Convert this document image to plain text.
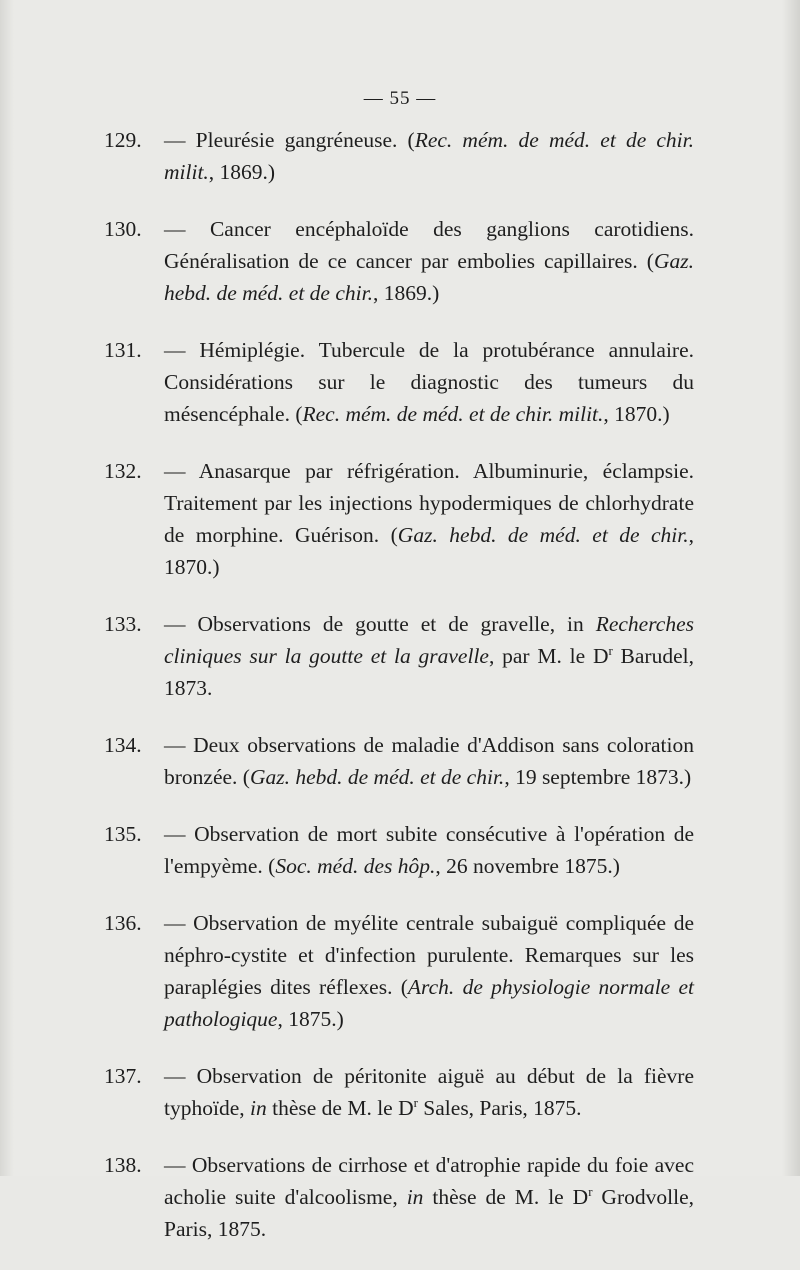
— 55 —
129.	— Pleurésie gangréneuse. (Rec. mém. de méd. et de chir. milit., 1869.)
130.	— Cancer encéphaloïde des ganglions carotidiens. Généralisation de ce cancer par embolies capillaires. (Gaz. hebd. de méd. et de chir., 1869.)
131.	— Hémiplégie. Tubercule de la protubérance annulaire. Considérations sur le diagnostic des tumeurs du mésencéphale. (Rec. mém. de méd. et de chir. milit., 1870.)
132.	— Anasarque par réfrigération. Albuminurie, éclampsie. Traitement par les injections hypodermiques de chlorhydrate de morphine. Guérison. (Gaz. hebd. de méd. et de chir., 1870.)
133.	— Observations de goutte et de gravelle, in Recherches cliniques sur la goutte et la gravelle, par M. le $D^r$ Barudel, 1873.
134.	— Deux observations de maladie d'Addison sans coloration bronzée. (Gaz. hebd. de méd. et de chir., 19 septembre 1873.)
135.	— Observation de mort subite consécutive à l'opération de l'empyème. (Soc. méd. des hôp., 26 novembre 1875.)
136.	— Observation de myélite centrale subaiguë compliquée de néphro-cystite et d'infection purulente. Remarques sur les paraplégies dites réflexes. (Arch. de physiologie normale et pathologique, 1875.)
137.	— Observation de péritonite aiguë au début de la fièvre typhoïde, in thèse de M. le $D^r$ Sales, Paris, 1875.
138.	— Observations de cirrhose et d'atrophie rapide du foie avec acholie suite d'alcoolisme, in thèse de M. le $D^r$ Grodvolle, Paris, 1875.
